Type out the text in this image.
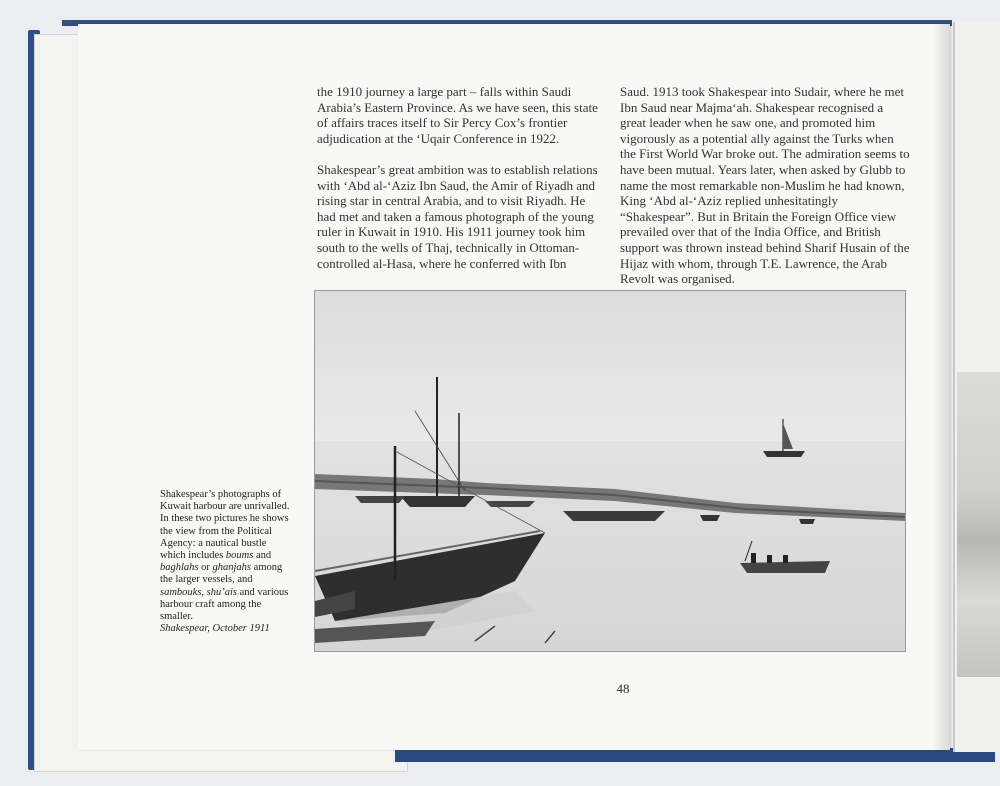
the 1910 journey a large part – falls within Saudi Arabia’s Eastern Province. As we have seen, this state of affairs traces itself to Sir Percy Cox’s frontier adjudication at the ‘Uqair Conference in 1922.

Shakespear’s great ambition was to establish relations with ‘Abd al-‘Aziz Ibn Saud, the Amir of Riyadh and rising star in central Arabia, and to visit Riyadh. He had met and taken a famous photograph of the young ruler in Kuwait in 1910. His 1911 journey took him south to the wells of Thaj, technically in Ottoman-controlled al-Hasa, where he conferred with Ibn

Saud. 1913 took Shakespear into Sudair, where he met Ibn Saud near Majma‘ah. Shakespear recognised a great leader when he saw one, and promoted him vigorously as a potential ally against the Turks when the First World War broke out. The admiration seems to have been mutual. Years later, when asked by Glubb to name the most remarkable non-Muslim he had known, King ‘Abd al-‘Aziz replied unhesitatingly “Shakespear”. But in Britain the Foreign Office view prevailed over that of the India Office, and British support was thrown instead behind Sharif Husain of the Hijaz with whom, through T.E. Lawrence, the Arab Revolt was organised.

Shakespear’s photographs of Kuwait harbour are unrivalled. In these two pictures he shows the view from the Political Agency: a nautical bustle which includes boums and baghlahs or ghanjahs among the larger vessels, and sambouks, shu’ais and various harbour craft among the smaller.
Shakespear, October 1911
48
